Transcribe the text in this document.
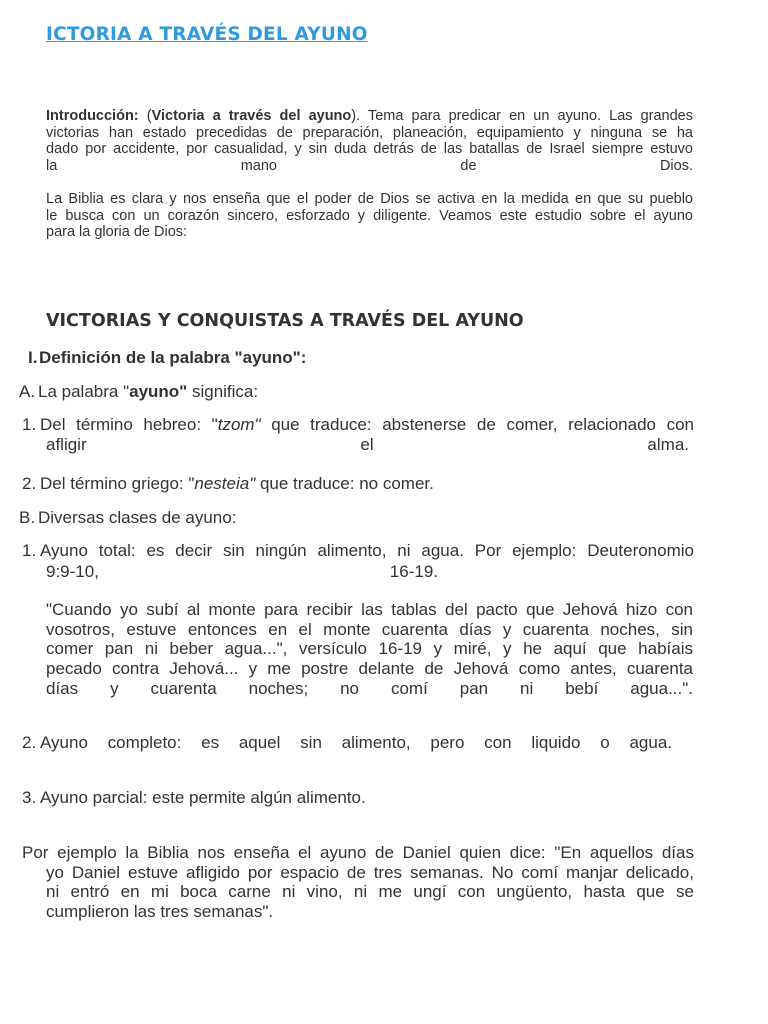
ICTORIA A TRAVÉS DEL AYUNO
Introducción: (Victoria a través del ayuno). Tema para predicar en un ayuno. Las grandes
victorias han estado precedidas de preparación, planeación, equipamiento y ninguna se ha
dado por accidente, por casualidad, y sin duda detrás de las batallas de Israel siempre estuvo
la mano de Dios.
La Biblia es clara y nos enseña que el poder de Dios se activa en la medida en que su pueblo
le busca con un corazón sincero, esforzado y diligente. Veamos este estudio sobre el ayuno
para la gloria de Dios:
VICTORIAS Y CONQUISTAS A TRAVÉS DEL AYUNO
I. Definición de la palabra "ayuno":
A. La palabra "ayuno" significa:
1. Del término hebreo: "tzom" que traduce: abstenerse de comer, relacionado con
afligir el alma.
2. Del término griego: "nesteia" que traduce: no comer.
B. Diversas clases de ayuno:
1. Ayuno total: es decir sin ningún alimento, ni agua. Por ejemplo: Deuteronomio
9:9-10, 16-19.
"Cuando yo subí al monte para recibir las tablas del pacto que Jehová hizo con
vosotros, estuve entonces en el monte cuarenta días y cuarenta noches, sin
comer pan ni beber agua...", versículo 16-19 y miré, y he aquí que habíais
pecado contra Jehová... y me postre delante de Jehová como antes, cuarenta
días y cuarenta noches; no comí pan ni bebí agua...".
2. Ayuno completo: es aquel sin alimento, pero con liquido o agua.
3. Ayuno parcial: este permite algún alimento.
Por ejemplo la Biblia nos enseña el ayuno de Daniel quien dice: "En aquellos días
yo Daniel estuve afligido por espacio de tres semanas. No comí manjar delicado,
ni entró en mi boca carne ni vino, ni me ungí con ungüento, hasta que se
cumplieron las tres semanas".
